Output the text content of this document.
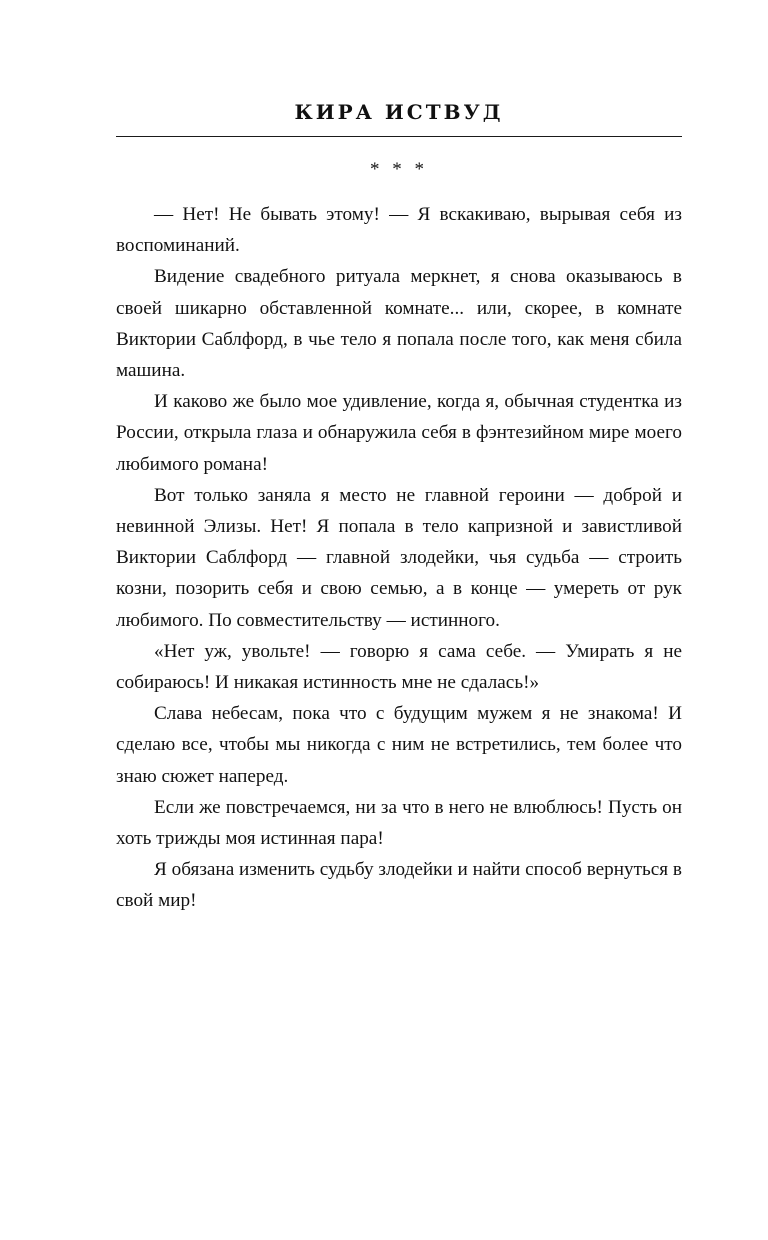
КИРА ИСТВУД
* * *

— Нет! Не бывать этому! — Я вскакиваю, вырывая себя из воспоминаний.

Видение свадебного ритуала меркнет, я снова оказываюсь в своей шикарно обставленной комнате... или, скорее, в комнате Виктории Саблфорд, в чье тело я попала после того, как меня сбила машина.

И каково же было мое удивление, когда я, обычная студентка из России, открыла глаза и обнаружила себя в фэнтезийном мире моего любимого романа!

Вот только заняла я место не главной героини — доброй и невинной Элизы. Нет! Я попала в тело капризной и завистливой Виктории Саблфорд — главной злодейки, чья судьба — строить козни, позорить себя и свою семью, а в конце — умереть от рук любимого. По совместительству — истинного.

«Нет уж, увольте! — говорю я сама себе. — Умирать я не собираюсь! И никакая истинность мне не сдалась!»

Слава небесам, пока что с будущим мужем я не знакома! И сделаю все, чтобы мы никогда с ним не встретились, тем более что знаю сюжет наперед.

Если же повстречаемся, ни за что в него не влюблюсь! Пусть он хоть трижды моя истинная пара!

Я обязана изменить судьбу злодейки и найти способ вернуться в свой мир!
